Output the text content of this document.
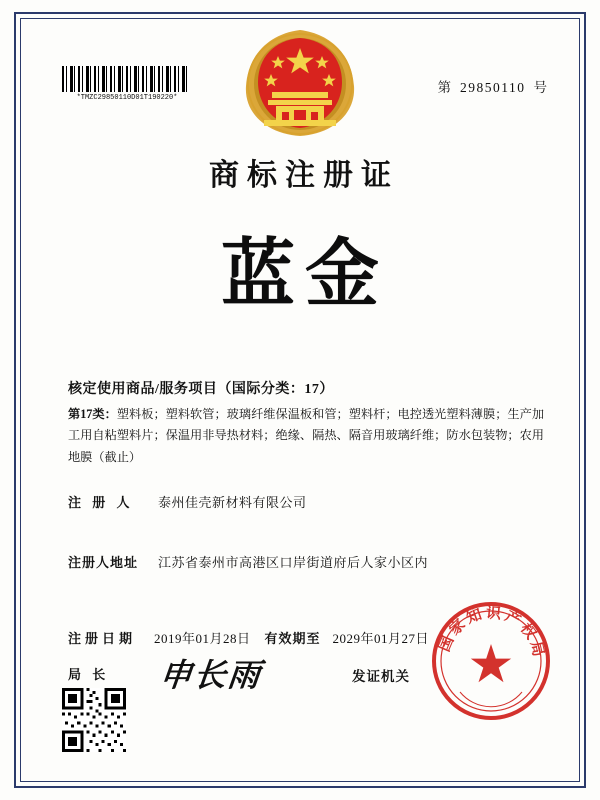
*TMZC29850110D01T190220*
第 29850110 号
商标注册证
蓝金
核定使用商品/服务项目（国际分类：17）
第17类：塑料板；塑料软管；玻璃纤维保温板和管；塑料杆；电控透光塑料薄膜；生产加工用自粘塑料片；保温用非导热材料；绝缘、隔热、隔音用玻璃纤维；防水包装物；农用地膜（截止）
注 册 人 泰州佳壳新材料有限公司
注册人地址 江苏省泰州市高港区口岸街道府后人家小区内
注册日期 2019年01月28日 有效期至 2029年01月27日
局 长	申长雨	发证机关
国家知识产权局
